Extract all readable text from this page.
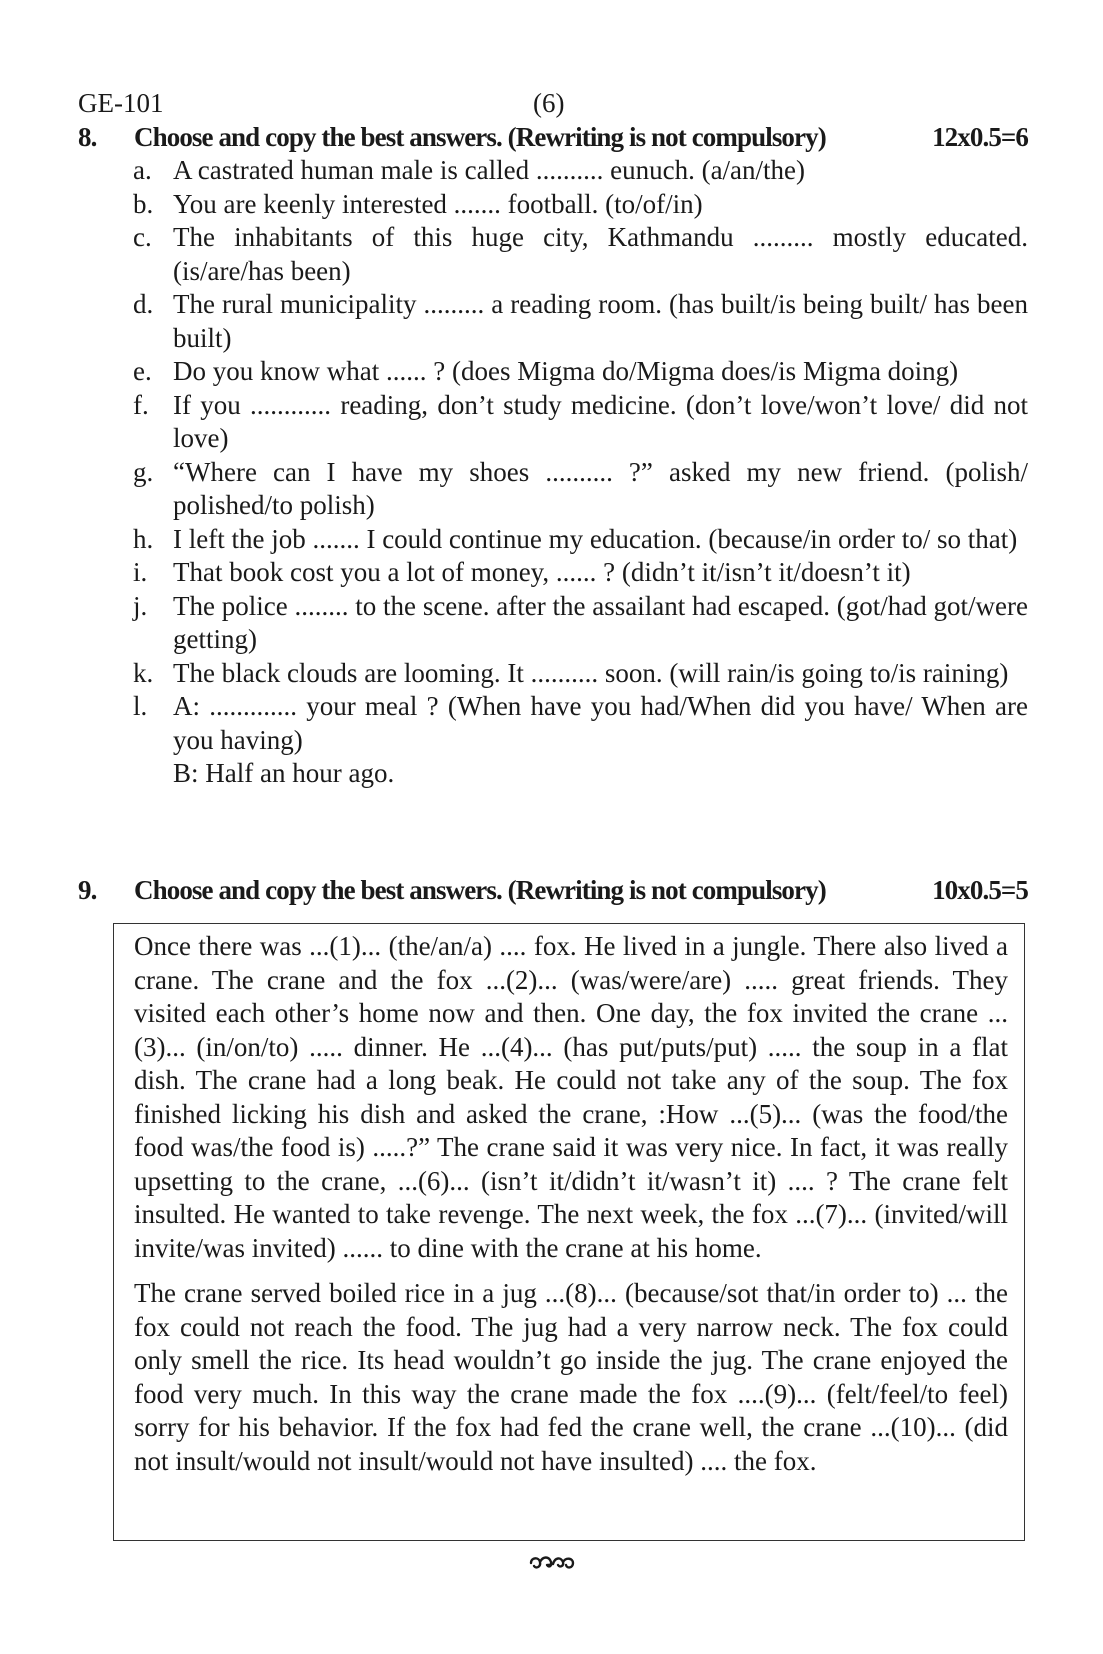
GE-101	(6)
8. Choose and copy the best answers. (Rewriting is not compulsory)	12x0.5=6
a. A castrated human male is called .......... eunuch. (a/an/the)
b. You are keenly interested ....... football. (to/of/in)
c. The inhabitants of this huge city, Kathmandu ......... mostly educated. (is/are/has been)
d. The rural municipality ......... a reading room. (has built/is being built/ has been built)
e. Do you know what ...... ? (does Migma do/Migma does/is Migma doing)
f. If you ............ reading, don’t study medicine. (don’t love/won’t love/ did not love)
g. “Where can I have my shoes .......... ?” asked my new friend. (polish/ polished/to polish)
h. I left the job ....... I could continue my education. (because/in order to/ so that)
i. That book cost you a lot of money, ...... ? (didn’t it/isn’t it/doesn’t it)
j. The police ........ to the scene. after the assailant had escaped. (got/had got/were getting)
k. The black clouds are looming. It .......... soon. (will rain/is going to/is raining)
l. A: ............. your meal ? (When have you had/When did you have/ When are you having)
B: Half an hour ago.
9. Choose and copy the best answers. (Rewriting is not compulsory)	10x0.5=5

Once there was ...(1)... (the/an/a) .... fox. He lived in a jungle. There also lived a crane. The crane and the fox ...(2)... (was/were/are) ..... great friends. They visited each other’s home now and then. One day, the fox invited the crane ...(3)... (in/on/to) ..... dinner. He ...(4)... (has put/puts/put) ..... the soup in a flat dish. The crane had a long beak. He could not take any of the soup. The fox finished licking his dish and asked the crane, :How ...(5)... (was the food/the food was/the food is) .....?” The crane said it was very nice. In fact, it was really upsetting to the crane, ...(6)... (isn’t it/didn’t it/wasn’t it) .... ? The crane felt insulted. He wanted to take revenge. The next week, the fox ...(7)... (invited/will invite/was invited) ...... to dine with the crane at his home.

The crane served boiled rice in a jug ...(8)... (because/sot that/in order to) ... the fox could not reach the food. The jug had a very narrow neck. The fox could only smell the rice. Its head wouldn’t go inside the jug. The crane enjoyed the food very much. In this way the crane made the fox ....(9)... (felt/feel/to feel) sorry for his behavior. If the fox had fed the crane well, the crane ...(10)... (did not insult/would not insult/would not have insulted) .... the fox.
